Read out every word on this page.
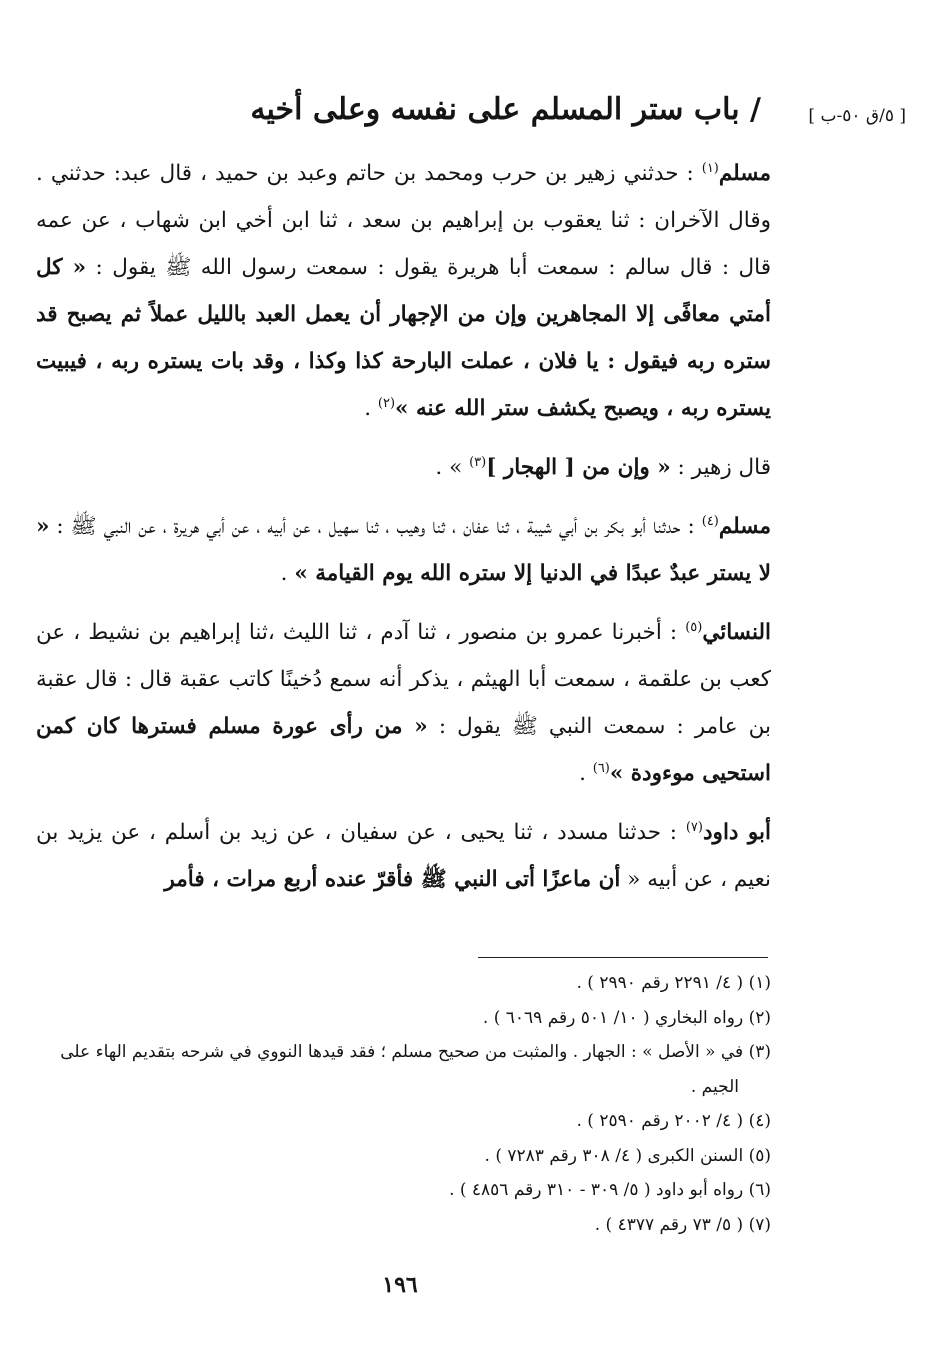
[ ٥/ق ٥٠-ب ]
/ باب ستر المسلم على نفسه وعلى أخيه

مسلم$^{(١)}$ : حدثني زهير بن حرب ومحمد بن حاتم وعبد بن حميد ، قال عبد: حدثني . وقال الآخران : ثنا يعقوب بن إبراهيم بن سعد ، ثنا ابن أخي ابن شهاب ، عن عمه قال : قال سالم : سمعت أبا هريرة يقول : سمعت رسول الله ﷺ يقول : « كل أمتي معافًى إلا المجاهرين وإن من الإجهار أن يعمل العبد بالليل عملاً ثم يصبح قد ستره ربه فيقول : يا فلان ، عملت البارحة كذا وكذا ، وقد بات يستره ربه ، فيبيت يستره ربه ، ويصبح يكشف ستر الله عنه »$^{(٢)}$ .

قال زهير : « وإن من [ الهجار ]$^{(٣)}$ » .

مسلم$^{(٤)}$ : حدثنا أبو بكر بن أبي شيبة ، ثنا عفان ، ثنا وهيب ، ثنا سهيل ، عن أبيه ، عن أبي هريرة ، عن النبي ﷺ : « لا يستر عبدٌ عبدًا في الدنيا إلا ستره الله يوم القيامة » .

النسائي$^{(٥)}$ : أخبرنا عمرو بن منصور ، ثنا آدم ، ثنا الليث ،ثنا إبراهيم بن نشيط ، عن كعب بن علقمة ، سمعت أبا الهيثم ، يذكر أنه سمع دُخينًا كاتب عقبة قال : قال عقبة بن عامر : سمعت النبي ﷺ يقول : « من رأى عورة مسلم فسترها كان كمن استحيى موءودة »$^{(٦)}$ .

أبو داود$^{(٧)}$ : حدثنا مسدد ، ثنا يحيى ، عن سفيان ، عن زيد بن أسلم ، عن يزيد بن نعيم ، عن أبيه « أن ماعزًا أتى النبي ﷺ فأقرّ عنده أربع مرات ، فأمر

(١) ( ٤/ ٢٢٩١ رقم ٢٩٩٠ ) .
(٢) رواه البخاري ( ١٠/ ٥٠١ رقم ٦٠٦٩ ) .
(٣) في « الأصل » : الجهار . والمثبت من صحيح مسلم ؛ فقد قيدها النووي في شرحه بتقديم الهاء على الجيم .
(٤) ( ٤/ ٢٠٠٢ رقم ٢٥٩٠ ) .
(٥) السنن الكبرى ( ٤/ ٣٠٨ رقم ٧٢٨٣ ) .
(٦) رواه أبو داود ( ٥/ ٣٠٩ - ٣١٠ رقم ٤٨٥٦ ) .
(٧) ( ٥/ ٧٣ رقم ٤٣٧٧ ) .
١٩٦
